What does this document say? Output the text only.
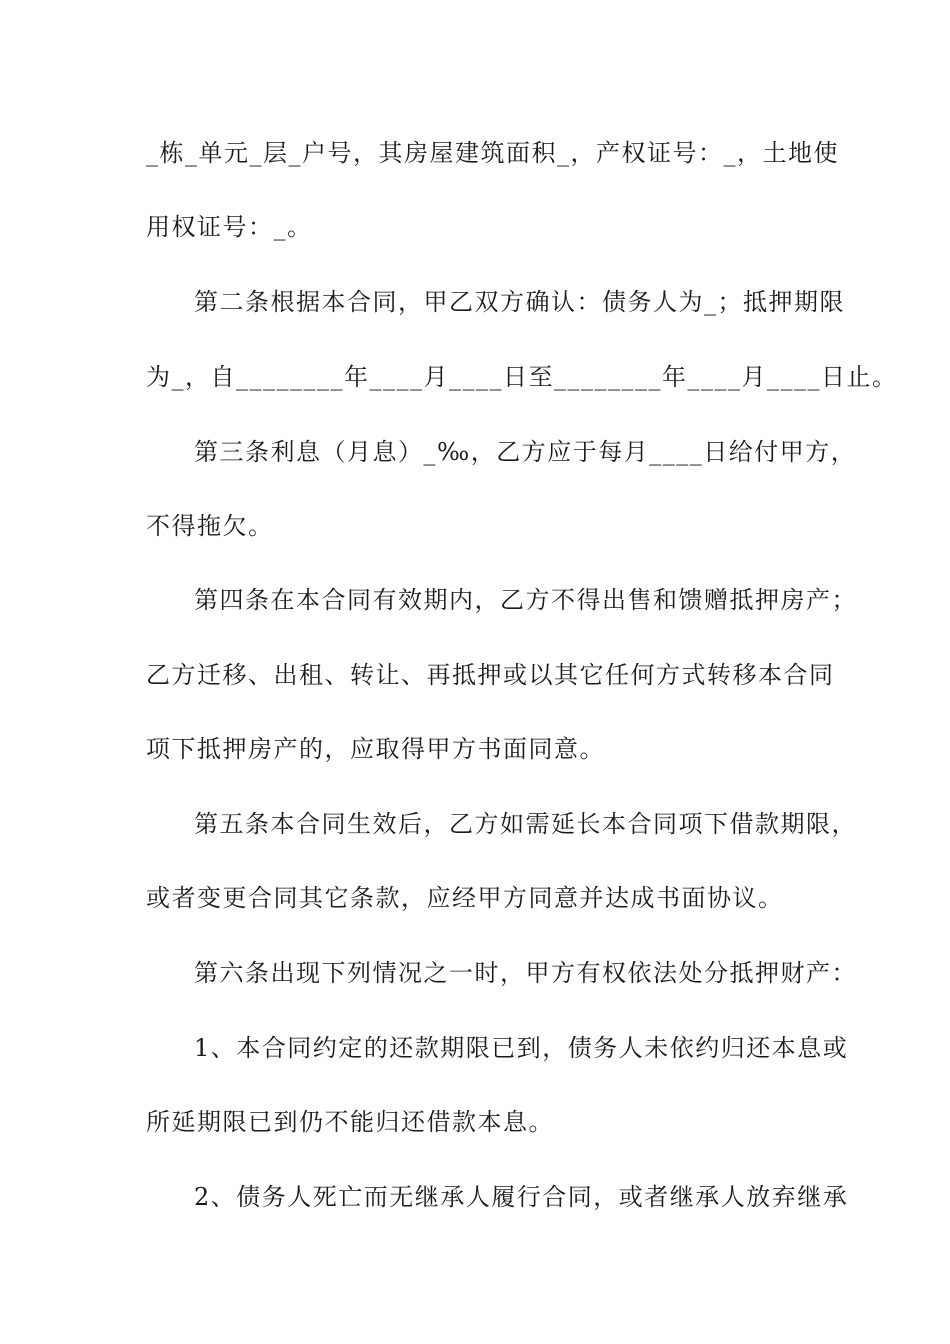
_栋_单元_层_户号，其房屋建筑面积_，产权证号：_，土地使
用权证号：_。
第二条根据本合同，甲乙双方确认：债务人为_；抵押期限
为_，自________年____月____日至________年____月____日止。
第三条利息（月息）_‰，乙方应于每月____日给付甲方，
不得拖欠。
第四条在本合同有效期内，乙方不得出售和馈赠抵押房产；
乙方迁移、出租、转让、再抵押或以其它任何方式转移本合同
项下抵押房产的，应取得甲方书面同意。
第五条本合同生效后，乙方如需延长本合同项下借款期限，
或者变更合同其它条款，应经甲方同意并达成书面协议。
第六条出现下列情况之一时，甲方有权依法处分抵押财产：
1、本合同约定的还款期限已到，债务人未依约归还本息或
所延期限已到仍不能归还借款本息。
2、债务人死亡而无继承人履行合同，或者继承人放弃继承
